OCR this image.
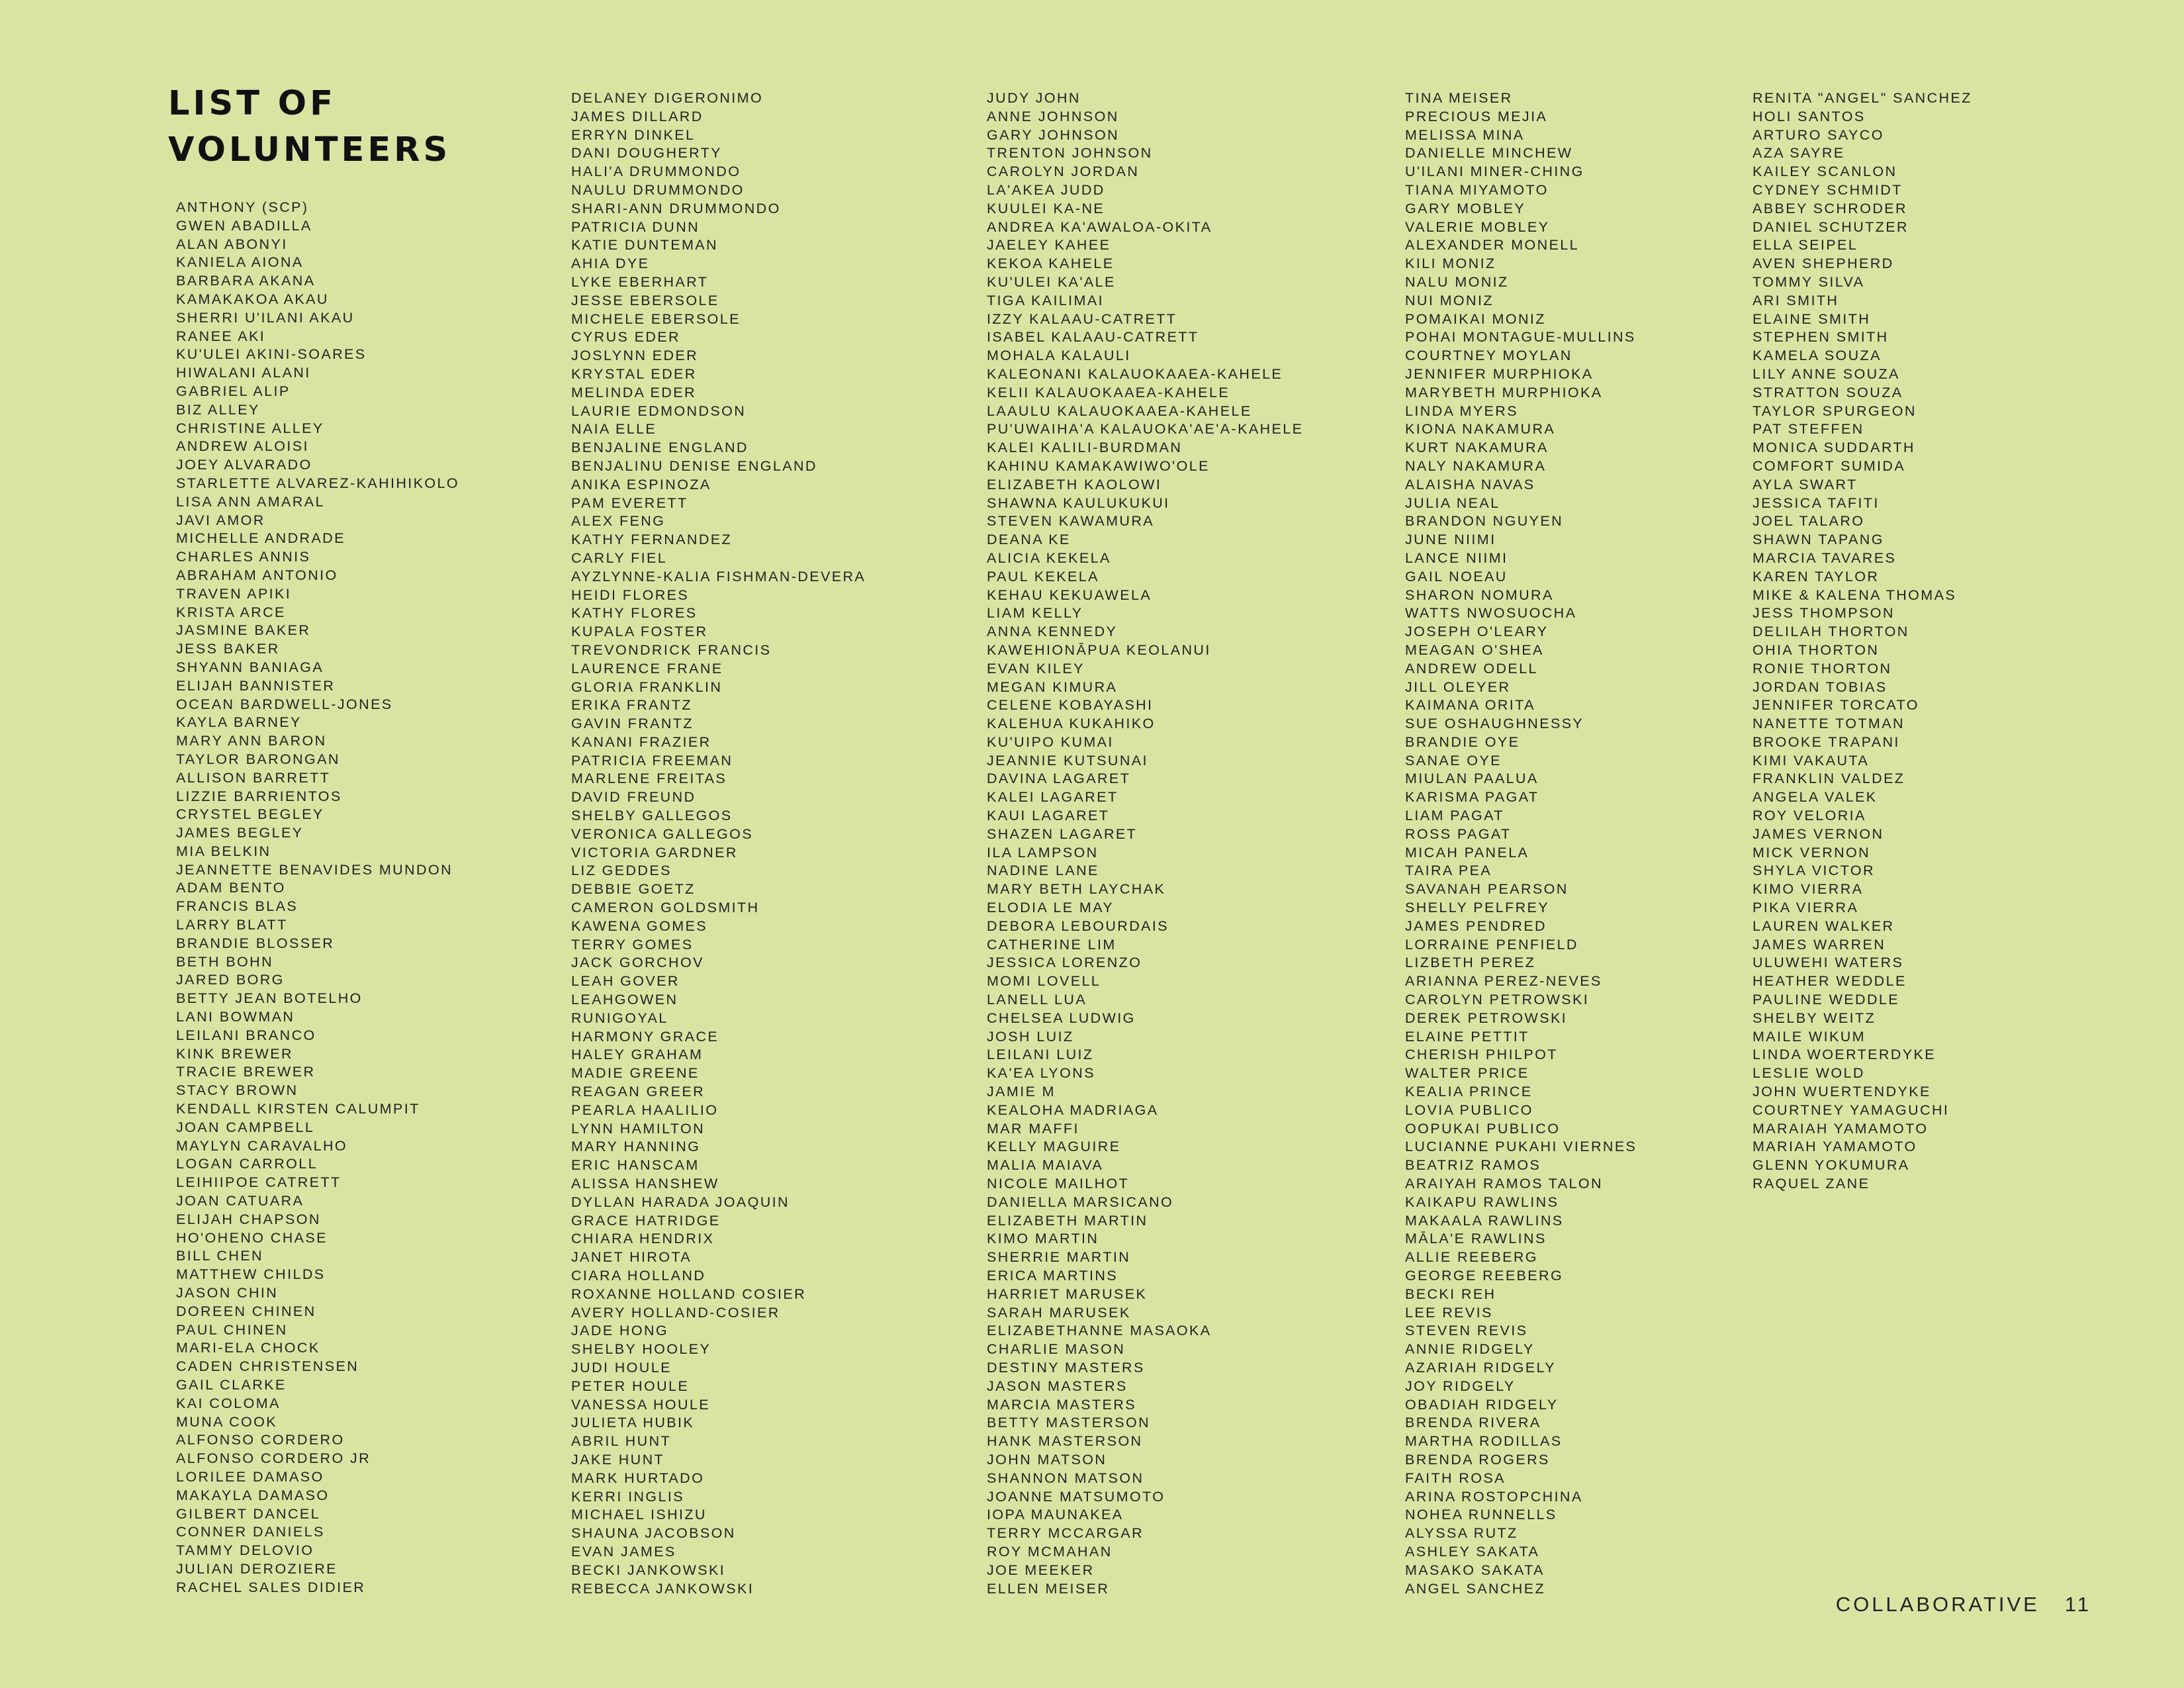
LIST OF
VOLUNTEERS
ANTHONY (SCP)
GWEN ABADILLA
ALAN ABONYI
KANIELA AIONA
BARBARA AKANA
KAMAKAKOA AKAU
SHERRI U'ILANI AKAU
RANEE AKI
KU'ULEI AKINI-SOARES
HIWALANI ALANI
GABRIEL ALIP
BIZ ALLEY
CHRISTINE ALLEY
ANDREW ALOISI
JOEY ALVARADO
STARLETTE ALVAREZ-KAHIHIKOLO
LISA ANN AMARAL
JAVI AMOR
MICHELLE ANDRADE
CHARLES ANNIS
ABRAHAM ANTONIO
TRAVEN APIKI
KRISTA ARCE
JASMINE BAKER
JESS BAKER
SHYANN BANIAGA
ELIJAH BANNISTER
OCEAN BARDWELL-JONES
KAYLA BARNEY
MARY ANN BARON
TAYLOR BARONGAN
ALLISON BARRETT
LIZZIE BARRIENTOS
CRYSTEL BEGLEY
JAMES BEGLEY
MIA BELKIN
JEANNETTE BENAVIDES MUNDON
ADAM BENTO
FRANCIS BLAS
LARRY BLATT
BRANDIE BLOSSER
BETH BOHN
JARED BORG
BETTY JEAN BOTELHO
LANI BOWMAN
LEILANI BRANCO
KINK BREWER
TRACIE BREWER
STACY BROWN
KENDALL KIRSTEN CALUMPIT
JOAN CAMPBELL
MAYLYN CARAVALHO
LOGAN CARROLL
LEIHIIPOE CATRETT
JOAN CATUARA
ELIJAH CHAPSON
HO'OHENO CHASE
BILL CHEN
MATTHEW CHILDS
JASON CHIN
DOREEN CHINEN
PAUL CHINEN
MARI-ELA CHOCK
CADEN CHRISTENSEN
GAIL CLARKE
KAI COLOMA
MUNA COOK
ALFONSO CORDERO
ALFONSO CORDERO JR
LORILEE DAMASO
MAKAYLA DAMASO
GILBERT DANCEL
CONNER DANIELS
TAMMY DELOVIO
JULIAN DEROZIERE
RACHEL SALES DIDIER
DELANEY DIGERONIMO
JAMES DILLARD
ERRYN DINKEL
DANI DOUGHERTY
HALI'A DRUMMONDO
NAULU DRUMMONDO
SHARI-ANN DRUMMONDO
PATRICIA DUNN
KATIE DUNTEMAN
AHIA DYE
LYKE EBERHART
JESSE EBERSOLE
MICHELE EBERSOLE
CYRUS EDER
JOSLYNN EDER
KRYSTAL EDER
MELINDA EDER
LAURIE EDMONDSON
NAIA ELLE
BENJALINE ENGLAND
BENJALINU DENISE ENGLAND
ANIKA ESPINOZA
PAM EVERETT
ALEX FENG
KATHY FERNANDEZ
CARLY FIEL
AYZLYNNE-KALIA FISHMAN-DEVERA
HEIDI FLORES
KATHY FLORES
KUPALA FOSTER
TREVONDRICK FRANCIS
LAURENCE FRANE
GLORIA FRANKLIN
ERIKA FRANTZ
GAVIN FRANTZ
KANANI FRAZIER
PATRICIA FREEMAN
MARLENE FREITAS
DAVID FREUND
SHELBY GALLEGOS
VERONICA GALLEGOS
VICTORIA GARDNER
LIZ GEDDES
DEBBIE GOETZ
CAMERON GOLDSMITH
KAWENA GOMES
TERRY GOMES
JACK GORCHOV
LEAH GOVER
LEAHGOWEN
RUNIGOYAL
HARMONY GRACE
HALEY GRAHAM
MADIE GREENE
REAGAN GREER
PEARLA HAALILIO
LYNN HAMILTON
MARY HANNING
ERIC HANSCAM
ALISSA HANSHEW
DYLLAN HARADA JOAQUIN
GRACE HATRIDGE
CHIARA HENDRIX
JANET HIROTA
CIARA HOLLAND
ROXANNE HOLLAND COSIER
AVERY HOLLAND-COSIER
JADE HONG
SHELBY HOOLEY
JUDI HOULE
PETER HOULE
VANESSA HOULE
JULIETA HUBIK
ABRIL HUNT
JAKE HUNT
MARK HURTADO
KERRI INGLIS
MICHAEL ISHIZU
SHAUNA JACOBSON
EVAN JAMES
BECKI JANKOWSKI
REBECCA JANKOWSKI
JUDY JOHN
ANNE JOHNSON
GARY JOHNSON
TRENTON JOHNSON
CAROLYN JORDAN
LA'AKEA JUDD
KUULEI KA-NE
ANDREA KA'AWALOA-OKITA
JAELEY KAHEE
KEKOA KAHELE
KU'ULEI KA'ALE
TIGA KAILIMAI
IZZY KALAAU-CATRETT
ISABEL KALAAU-CATRETT
MOHALA KALAULI
KALEONANI KALAUOKAAEA-KAHELE
KELII KALAUOKAAEA-KAHELE
LAAULU KALAUOKAAEA-KAHELE
PU'UWAIHA'A KALAUOKA'AE'A-KAHELE
KALEI KALILI-BURDMAN
KAHINU KAMAKAWIWO'OLE
ELIZABETH KAOLOWI
SHAWNA KAULUKUKUI
STEVEN KAWAMURA
DEANA KE
ALICIA KEKELA
PAUL KEKELA
KEHAU KEKUAWELA
LIAM KELLY
ANNA KENNEDY
KAWEHIONĀPUA KEOLANUI
EVAN KILEY
MEGAN KIMURA
CELENE KOBAYASHI
KALEHUA KUKAHIKO
KU'UIPO KUMAI
JEANNIE KUTSUNAI
DAVINA LAGARET
KALEI LAGARET
KAUI LAGARET
SHAZEN LAGARET
ILA LAMPSON
NADINE LANE
MARY BETH LAYCHAK
ELODIA LE MAY
DEBORA LEBOURDAIS
CATHERINE LIM
JESSICA LORENZO
MOMI LOVELL
LANELL LUA
CHELSEA LUDWIG
JOSH LUIZ
LEILANI LUIZ
KA'EA LYONS
JAMIE M
KEALOHA MADRIAGA
MAR MAFFI
KELLY MAGUIRE
MALIA MAIAVA
NICOLE MAILHOT
DANIELLA MARSICANO
ELIZABETH MARTIN
KIMO MARTIN
SHERRIE MARTIN
ERICA MARTINS
HARRIET MARUSEK
SARAH MARUSEK
ELIZABETHANNE MASAOKA
CHARLIE MASON
DESTINY MASTERS
JASON MASTERS
MARCIA MASTERS
BETTY MASTERSON
HANK MASTERSON
JOHN MATSON
SHANNON MATSON
JOANNE MATSUMOTO
IOPA MAUNAKEA
TERRY MCCARGAR
ROY MCMAHAN
JOE MEEKER
ELLEN MEISER
TINA MEISER
PRECIOUS MEJIA
MELISSA MINA
DANIELLE MINCHEW
U'ILANI MINER-CHING
TIANA MIYAMOTO
GARY MOBLEY
VALERIE MOBLEY
ALEXANDER MONELL
KILI MONIZ
NALU MONIZ
NUI MONIZ
POMAIKAI MONIZ
POHAI MONTAGUE-MULLINS
COURTNEY MOYLAN
JENNIFER MURPHIOKA
MARYBETH MURPHIOKA
LINDA MYERS
KIONA NAKAMURA
KURT NAKAMURA
NALY NAKAMURA
ALAISHA NAVAS
JULIA NEAL
BRANDON NGUYEN
JUNE NIIMI
LANCE NIIMI
GAIL NOEAU
SHARON NOMURA
WATTS NWOSUOCHA
JOSEPH O'LEARY
MEAGAN O'SHEA
ANDREW ODELL
JILL OLEYER
KAIMANA ORITA
SUE OSHAUGHNESSY
BRANDIE OYE
SANAE OYE
MIULAN PAALUA
KARISMA PAGAT
LIAM PAGAT
ROSS PAGAT
MICAH PANELA
TAIRA PEA
SAVANAH PEARSON
SHELLY PELFREY
JAMES PENDRED
LORRAINE PENFIELD
LIZBETH PEREZ
ARIANNA PEREZ-NEVES
CAROLYN PETROWSKI
DEREK PETROWSKI
ELAINE PETTIT
CHERISH PHILPOT
WALTER PRICE
KEALIA PRINCE
LOVIA PUBLICO
OOPUKAI PUBLICO
LUCIANNE PUKAHI VIERNES
BEATRIZ RAMOS
ARAIYAH RAMOS TALON
KAIKAPU RAWLINS
MAKAALA RAWLINS
MĀLA'E RAWLINS
ALLIE REEBERG
GEORGE REEBERG
BECKI REH
LEE REVIS
STEVEN REVIS
ANNIE RIDGELY
AZARIAH RIDGELY
JOY RIDGELY
OBADIAH RIDGELY
BRENDA RIVERA
MARTHA RODILLAS
BRENDA ROGERS
FAITH ROSA
ARINA ROSTOPCHINA
NOHEA RUNNELLS
ALYSSA RUTZ
ASHLEY SAKATA
MASAKO SAKATA
ANGEL SANCHEZ
RENITA "ANGEL" SANCHEZ
HOLI SANTOS
ARTURO SAYCO
AZA SAYRE
KAILEY SCANLON
CYDNEY SCHMIDT
ABBEY SCHRODER
DANIEL SCHUTZER
ELLA SEIPEL
AVEN SHEPHERD
TOMMY SILVA
ARI SMITH
ELAINE SMITH
STEPHEN SMITH
KAMELA SOUZA
LILY ANNE SOUZA
STRATTON SOUZA
TAYLOR SPURGEON
PAT STEFFEN
MONICA SUDDARTH
COMFORT SUMIDA
AYLA SWART
JESSICA TAFITI
JOEL TALARO
SHAWN TAPANG
MARCIA TAVARES
KAREN TAYLOR
MIKE & KALENA THOMAS
JESS THOMPSON
DELILAH THORTON
OHIA THORTON
RONIE THORTON
JORDAN TOBIAS
JENNIFER TORCATO
NANETTE TOTMAN
BROOKE TRAPANI
KIMI VAKAUTA
FRANKLIN VALDEZ
ANGELA VALEK
ROY VELORIA
JAMES VERNON
MICK VERNON
SHYLA VICTOR
KIMO VIERRA
PIKA VIERRA
LAUREN WALKER
JAMES WARREN
ULUWEHI WATERS
HEATHER WEDDLE
PAULINE WEDDLE
SHELBY WEITZ
MAILE WIKUM
LINDA WOERTERDYKE
LESLIE WOLD
JOHN WUERTENDYKE
COURTNEY YAMAGUCHI
MARAIAH YAMAMOTO
MARIAH YAMAMOTO
GLENN YOKUMURA
RAQUEL ZANE
COLLABORATIVE 11
